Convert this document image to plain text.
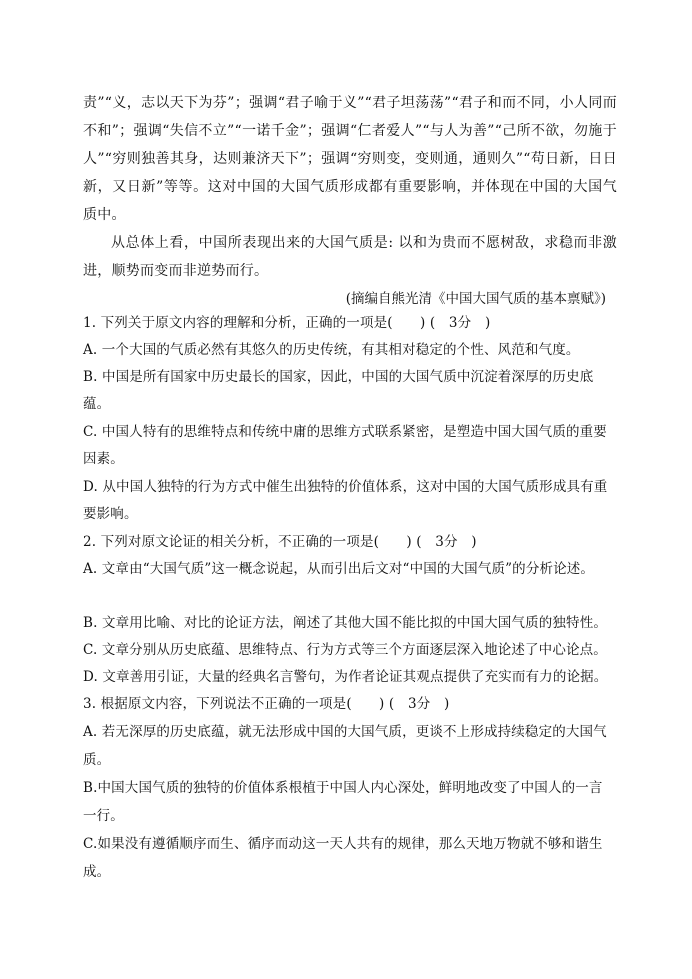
责”“义，志以天下为芬”；强调“君子喻于义”“君子坦荡荡”“君子和而不同，小人同而不和”；强调“失信不立”“一诺千金”；强调“仁者爱人”“与人为善”“己所不欲，勿施于人”“穷则独善其身，达则兼济天下”；强调“穷则变，变则通，通则久”“苟日新，日日新，又日新”等等。这对中国的大国气质形成都有重要影响，并体现在中国的大国气质中。

从总体上看，中国所表现出来的大国气质是: 以和为贵而不愿树敌，求稳而非激进，顺势而变而非逆势而行。

(摘编自熊光清《中国大国气质的基本禀赋》)

1. 下列关于原文内容的理解和分析，正确的一项是(　　) (　3分　)

A. 一个大国的气质必然有其悠久的历史传统，有其相对稳定的个性、风范和气度。

B. 中国是所有国家中历史最长的国家，因此，中国的大国气质中沉淀着深厚的历史底蕴。

C. 中国人特有的思维特点和传统中庸的思维方式联系紧密，是塑造中国大国气质的重要因素。

D. 从中国人独特的行为方式中催生出独特的价值体系，这对中国的大国气质形成具有重要影响。

2. 下列对原文论证的相关分析，不正确的一项是(　　) (　3分　)

A. 文章由“大国气质”这一概念说起，从而引出后文对“中国的大国气质”的分析论述。

B. 文章用比喻、对比的论证方法，阐述了其他大国不能比拟的中国大国气质的独特性。

C. 文章分别从历史底蕴、思维特点、行为方式等三个方面逐层深入地论述了中心论点。

D. 文章善用引证，大量的经典名言警句，为作者论证其观点提供了充实而有力的论据。

3. 根据原文内容，下列说法不正确的一项是(　　) (　3分　)

A. 若无深厚的历史底蕴，就无法形成中国的大国气质，更谈不上形成持续稳定的大国气质。

B.中国大国气质的独特的价值体系根植于中国人内心深处，鲜明地改变了中国人的一言一行。

C.如果没有遵循顺序而生、循序而动这一天人共有的规律，那么天地万物就不够和谐生成。
